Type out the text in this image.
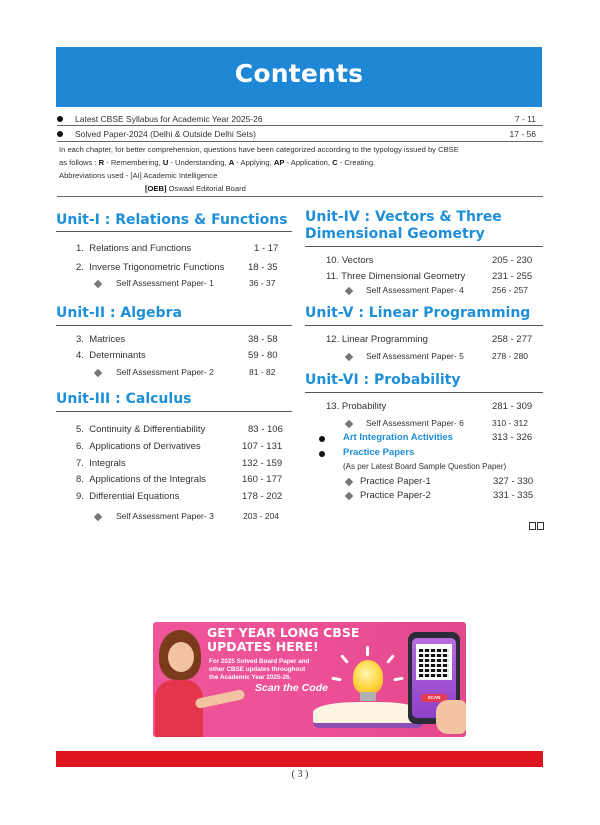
Contents
Latest CBSE Syllabus for Academic Year 2025-26	7 - 11
Solved Paper-2024 (Delhi & Outside Delhi Sets)	17 - 56
In each chapter, for better comprehension, questions have been categorized according to the typology issued by CBSE
as follows : R - Remembering, U - Understanding, A - Applying, AP - Application, C - Creating.
Abbreviations used - [AI] Academic Intelligence
[OEB] Oswaal Editorial Board
Unit-I : Relations & Functions
1. Relations and Functions	1 - 17
2. Inverse Trigonometric Functions 18 - 35
Self Assessment Paper- 1	36 - 37
Unit-II : Algebra
3. Matrices	38 - 58
4. Determinants	59 - 80
Self Assessment Paper- 2	81 - 82
Unit-III : Calculus
5. Continuity & Differentiability	83 - 106
6. Applications of Derivatives	107 - 131
7. Integrals	132 - 159
8. Applications of the Integrals	160 - 177
9. Differential Equations	178 - 202
Self Assessment Paper- 3	203 - 204
Unit-IV : Vectors & Three
Dimensional Geometry
10. Vectors	205 - 230
11. Three Dimensional Geometry	231 - 255
Self Assessment Paper- 4	256 - 257
Unit-V : Linear Programming
12. Linear Programming	258 - 277
Self Assessment Paper- 5	278 - 280
Unit-VI : Probability
13. Probability	281 - 309
Self Assessment Paper- 6	310 - 312
Art Integration Activities	313 - 326
Practice Papers
(As per Latest Board Sample Question Paper)
Practice Paper-1	327 - 330
Practice Paper-2	331 - 335
GET YEAR LONG CBSE
UPDATES HERE!
For 2025 Solved Board Paper and
other CBSE updates throughout
the Academic Year 2025-26.
Scan the Code
SCAN
( 3 )
